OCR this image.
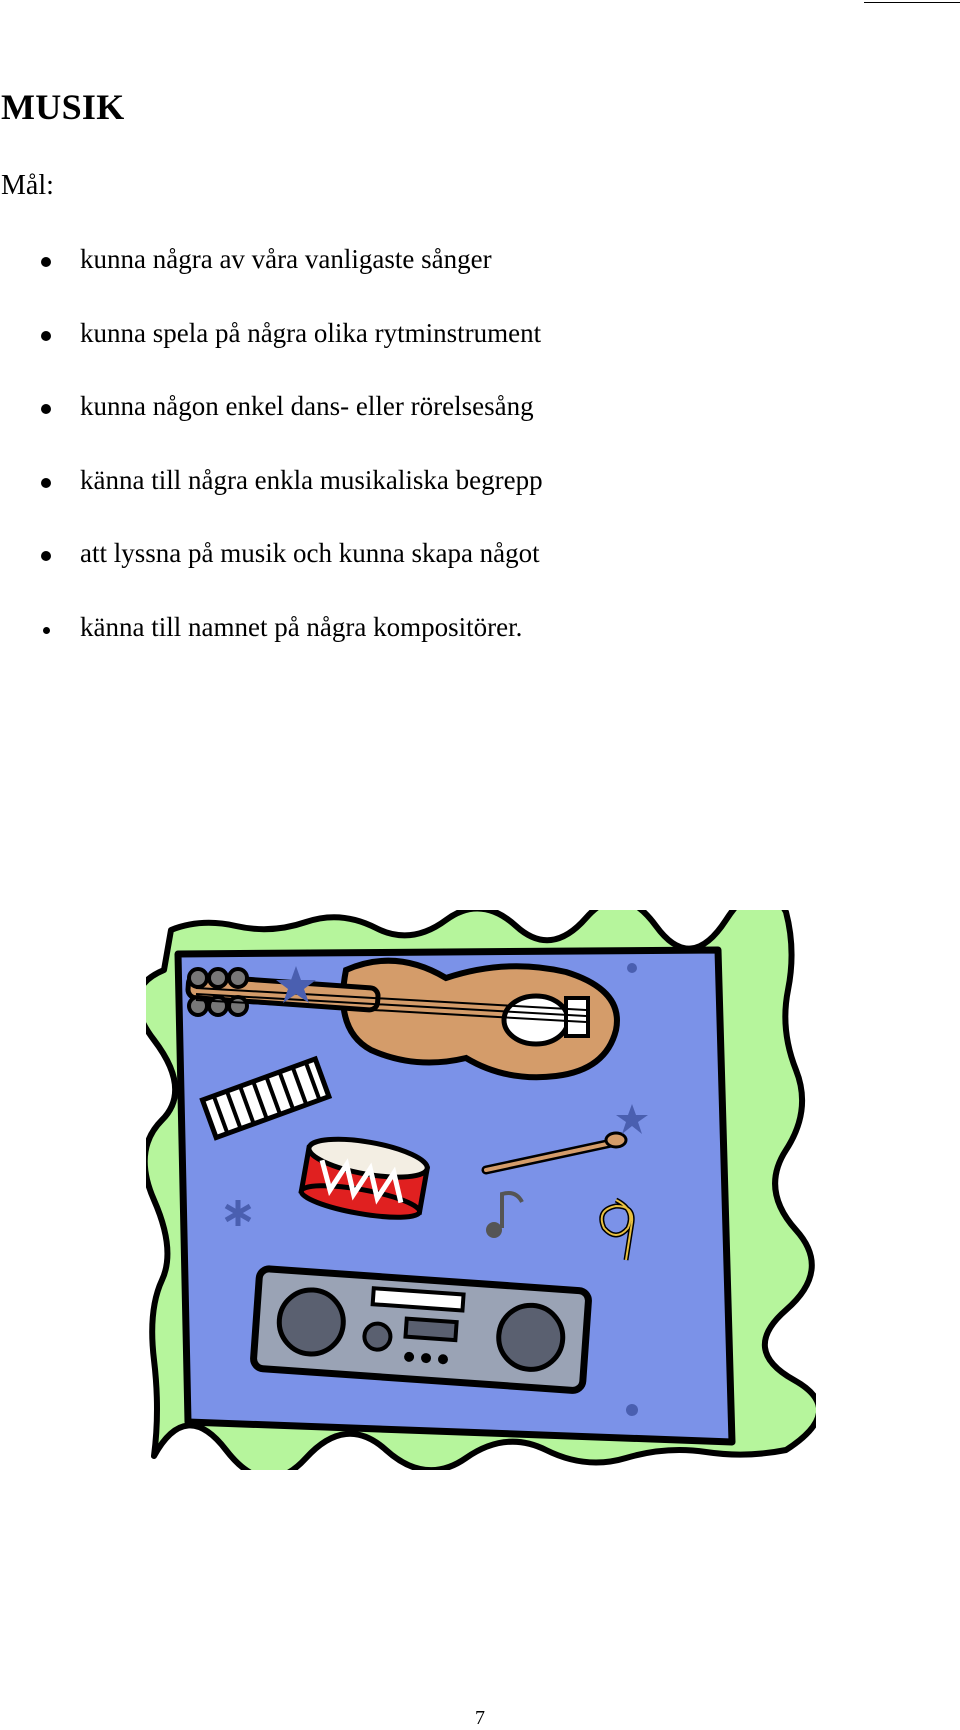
MUSIK
Mål:
kunna några av våra vanligaste sånger
kunna spela på några olika rytminstrument
kunna någon enkel dans- eller rörelsesång
känna till några enkla musikaliska begrepp
att lyssna på musik och kunna skapa något
känna till namnet på några kompositörer.
7
